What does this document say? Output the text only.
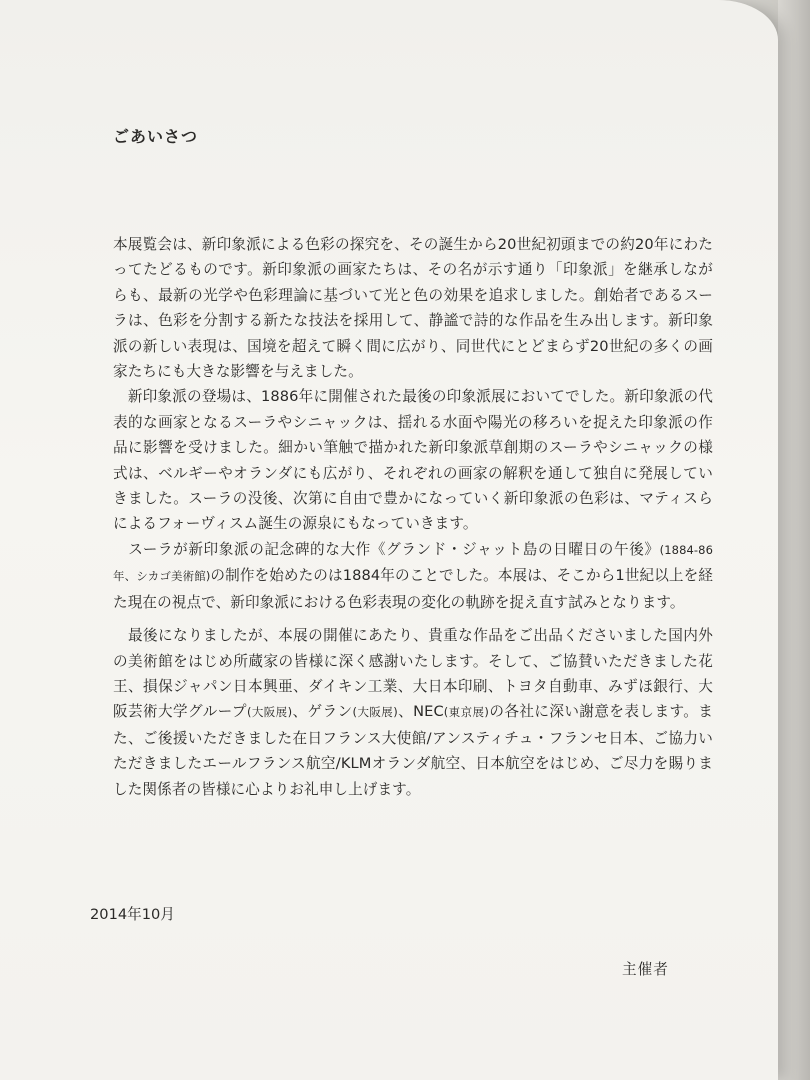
ごあいさつ

本展覧会は、新印象派による色彩の探究を、その誕生から20世紀初頭までの約20年にわたってたどるものです。新印象派の画家たちは、その名が示す通り「印象派」を継承しながらも、最新の光学や色彩理論に基づいて光と色の効果を追求しました。創始者であるスーラは、色彩を分割する新たな技法を採用して、静謐で詩的な作品を生み出します。新印象派の新しい表現は、国境を超えて瞬く間に広がり、同世代にとどまらず20世紀の多くの画家たちにも大きな影響を与えました。

　新印象派の登場は、1886年に開催された最後の印象派展においてでした。新印象派の代表的な画家となるスーラやシニャックは、揺れる水面や陽光の移ろいを捉えた印象派の作品に影響を受けました。細かい筆触で描かれた新印象派草創期のスーラやシニャックの様式は、ベルギーやオランダにも広がり、それぞれの画家の解釈を通して独自に発展していきました。スーラの没後、次第に自由で豊かになっていく新印象派の色彩は、マティスらによるフォーヴィスム誕生の源泉にもなっていきます。

　スーラが新印象派の記念碑的な大作《グランド・ジャット島の日曜日の午後》(1884-86年、シカゴ美術館)の制作を始めたのは1884年のことでした。本展は、そこから1世紀以上を経た現在の視点で、新印象派における色彩表現の変化の軌跡を捉え直す試みとなります。

　最後になりましたが、本展の開催にあたり、貴重な作品をご出品くださいました国内外の美術館をはじめ所蔵家の皆様に深く感謝いたします。そして、ご協賛いただきました花王、損保ジャパン日本興亜、ダイキン工業、大日本印刷、トヨタ自動車、みずほ銀行、大阪芸術大学グループ(大阪展)、ゲラン(大阪展)、NEC(東京展)の各社に深い謝意を表します。また、ご後援いただきました在日フランス大使館/アンスティチュ・フランセ日本、ご協力いただきましたエールフランス航空/KLMオランダ航空、日本航空をはじめ、ご尽力を賜りました関係者の皆様に心よりお礼申し上げます。

2014年10月
主催者
